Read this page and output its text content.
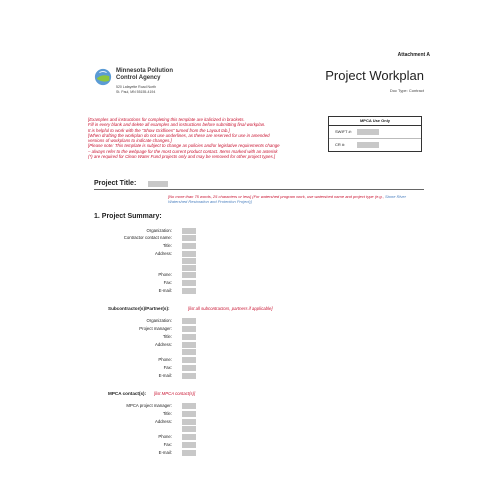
Attachment A
Minnesota Pollution
Control Agency
520 Lafayette Road North
St. Paul, MN 55155-4194
Project Workplan
Doc Type: Contract
MPCA Use Only
SWIFT #:
CR #:
[Examples and instructions for completing this template are italicized in brackets.
Fill in every blank and delete all examples and instructions before submitting final workplan.
It is helpful to work with the "Show Gridlines" turned from the Layout tab.]
[When drafting the workplan do not use underlines, as these are reserved for use in amended
versions of workplans to indicate changes.]
[Please note: This template is subject to change as policies and/or legislative requirements change
– always refer to the webpage for the most current product contact. Items marked with an asterisk
(*) are required for Clean Water Fund projects only and may be removed for other project types.]
Project Title:
[No more than 75 words, 25 characters or less] (For watershed program work, use watershed name and project type (e.g., Stone River Watershed Restoration and Protection Project)]
1. Project Summary:
Organization:
Contractor contact name:
Title:
Address:
Phone:
Fax:
E-mail:
Subcontractor(s)/Partner(s):	[list all subcontractors, partners if applicable]
Organization:
Project manager:
Title:
Address:
Phone:
Fax:
E-mail:
MPCA contact(s): [list MPCA contact(s)]
MPCA project manager:
Title:
Address:
Phone:
Fax:
E-mail:
